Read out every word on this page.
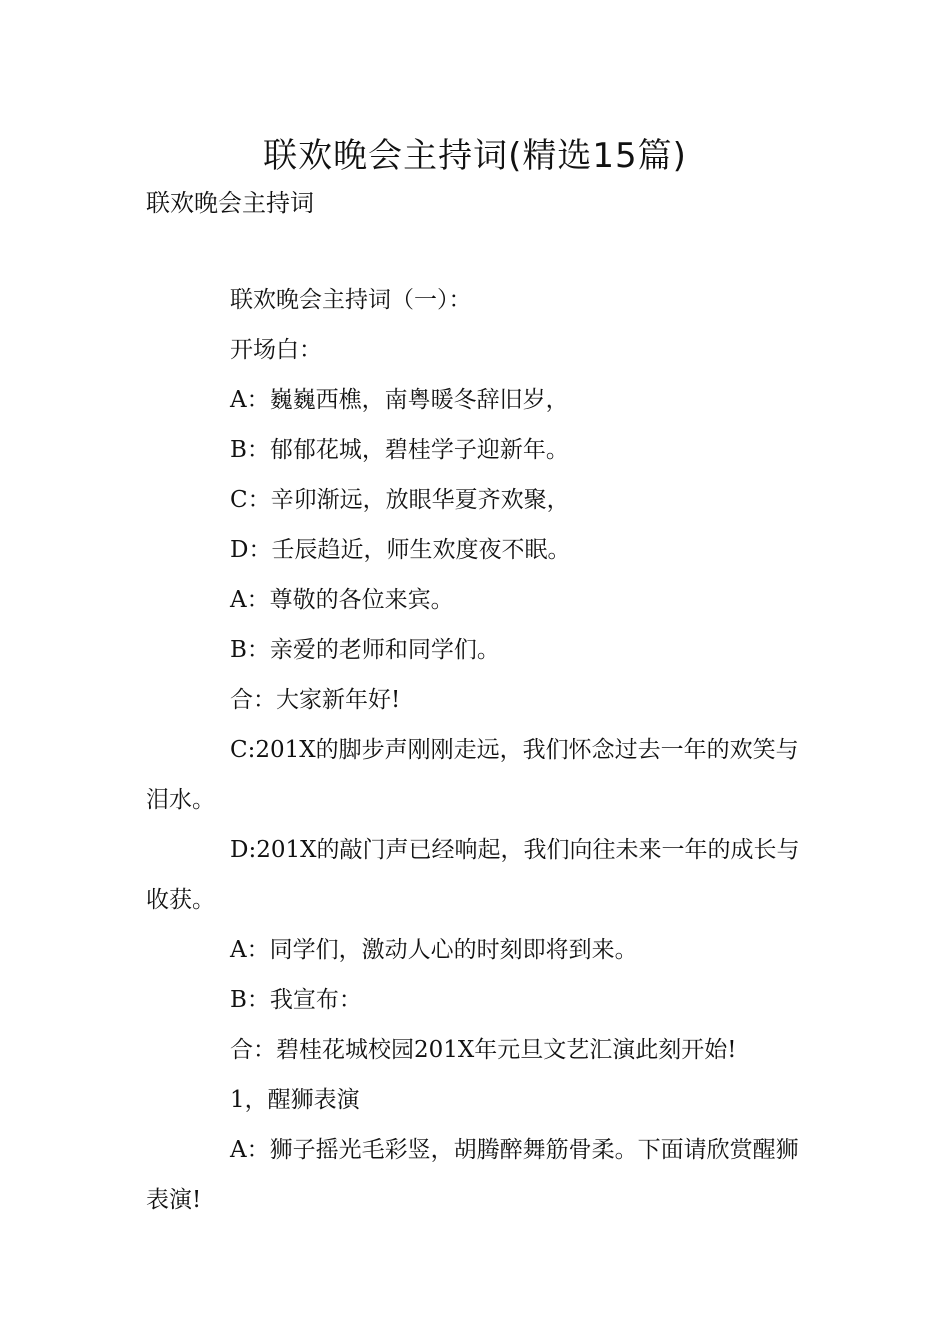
联欢晚会主持词(精选15篇)
联欢晚会主持词

联欢晚会主持词（一）：

开场白：

A：巍巍西樵，南粤暖冬辞旧岁，

B：郁郁花城，碧桂学子迎新年。

C：辛卯渐远，放眼华夏齐欢聚，

D：壬辰趋近，师生欢度夜不眠。

A：尊敬的各位来宾。

B：亲爱的老师和同学们。

合：大家新年好!

C:201X的脚步声刚刚走远，我们怀念过去一年的欢笑与泪水。

D:201X的敲门声已经响起，我们向往未来一年的成长与收获。

A：同学们，激动人心的时刻即将到来。

B：我宣布：

合：碧桂花城校园201X年元旦文艺汇演此刻开始!

1，醒狮表演

A：狮子摇光毛彩竖，胡腾醉舞筋骨柔。下面请欣赏醒狮表演!
